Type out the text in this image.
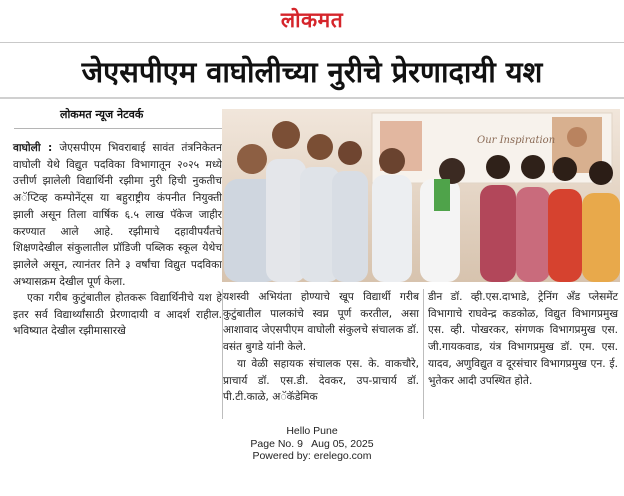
लोकमत
जेएसपीएम वाघोलीच्या नुरीचे प्रेरणादायी यश
लोकमत न्यूज नेटवर्क

वाघोली : जेएसपीएम भिवराबाई सावंत तंत्रनिकेतन वाघोली येथे विद्युत पदविका विभागातून २०२५ मध्ये उत्तीर्ण झालेली विद्यार्थिनी रझीमा नुरी हिची नुकतीच अॅप्टिव्ह कम्पोनेंट्स या बहुराष्ट्रीय कंपनीत नियुक्ती झाली असून तिला वार्षिक ६.५ लाख पॅकेज जाहीर करण्यात आले आहे. रझीमाचे दहावीपर्यंतचे शिक्षणदेखील संकुलातील प्रॉडिजी पब्लिक स्कूल येथेच झालेले असून, त्यानंतर तिने ३ वर्षांचा विद्युत पदविका अभ्यासक्रम देखील पूर्ण केला.

एका गरीब कुटुंबातील होतकरू विद्यार्थिनीचे यश हे इतर सर्व विद्यार्थ्यांसाठी प्रेरणादायी व आदर्श राहील. भविष्यात देखील रझीमासारखे

Our Inspiration

यशस्वी अभियंता होण्याचे खूप विद्यार्थी गरीब कुटुंबातील पालकांचे स्वप्न पूर्ण करतील, असा आशावाद जेएसपीएम वाघोली संकुलचे संचालक डॉ. वसंत बुगडे यांनी केले.

या वेळी सहायक संचालक एस. के. वाकचौरे, प्राचार्य डॉ. एस.डी. देवकर, उप-प्राचार्य डॉ. पी.टी.काळे, अॅकॅडेमिक

डीन डॉ. व्ही.एस.दाभाडे, ट्रेनिंग अँड प्लेसमेंट विभागाचे राघवेन्द्र कडकोळ, विद्युत विभागप्रमुख एस. व्ही. पोखरकर, संगणक विभागप्रमुख एस. जी.गायकवाड, यंत्र विभागप्रमुख डॉ. एम. एस. यादव, अणुविद्युत व दूरसंचार विभागप्रमुख एन. ई. भुतेकर आदी उपस्थित होते.

Hello Pune
Page No. 9   Aug 05, 2025
Powered by: erelego.com
